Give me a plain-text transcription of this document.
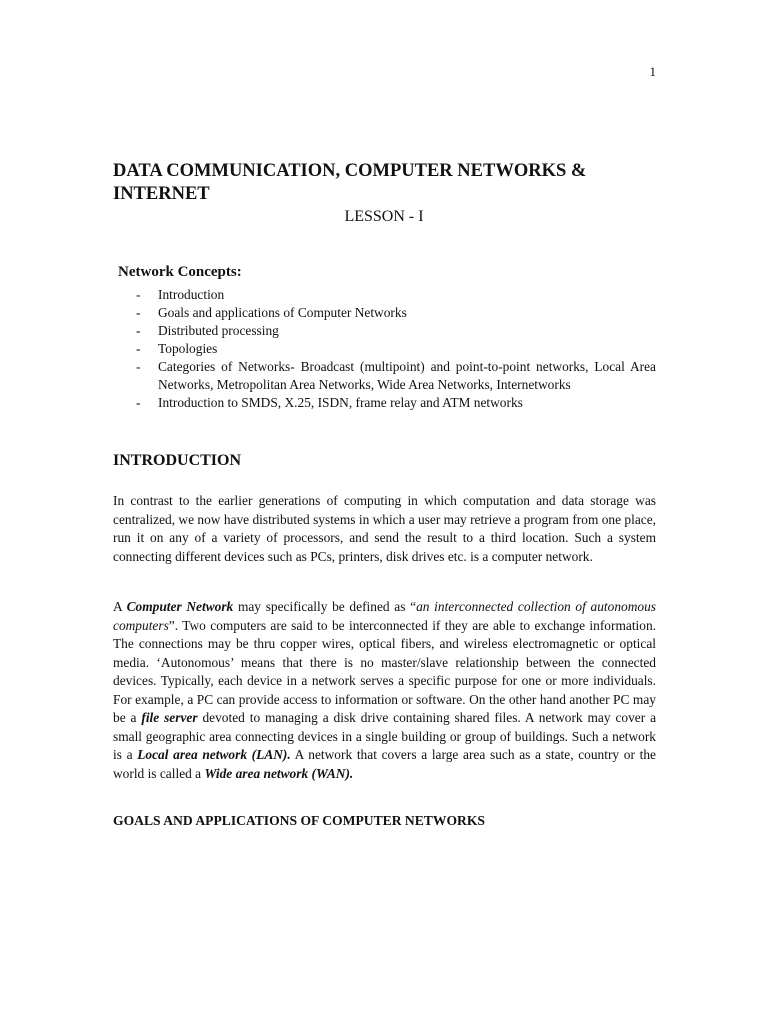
1
DATA COMMUNICATION, COMPUTER NETWORKS & INTERNET
LESSON - I
Network Concepts:
- Introduction
- Goals and applications of Computer Networks
- Distributed processing
- Topologies
- Categories of Networks- Broadcast (multipoint) and point-to-point networks, Local Area Networks, Metropolitan Area Networks, Wide Area Networks, Internetworks
- Introduction to SMDS, X.25, ISDN, frame relay and ATM networks
INTRODUCTION

In contrast to the earlier generations of computing in which computation and data storage was centralized, we now have distributed systems in which a user may retrieve a program from one place, run it on any of a variety of processors, and send the result to a third location. Such a system connecting different devices such as PCs, printers, disk drives etc. is a computer network.

A Computer Network may specifically be defined as “an interconnected collection of autonomous computers”. Two computers are said to be interconnected if they are able to exchange information. The connections may be thru copper wires, optical fibers, and wireless electromagnetic or optical media. ‘Autonomous’ means that there is no master/slave relationship between the connected devices. Typically, each device in a network serves a specific purpose for one or more individuals. For example, a PC can provide access to information or software. On the other hand another PC may be a file server devoted to managing a disk drive containing shared files. A network may cover a small geographic area connecting devices in a single building or group of buildings. Such a network is a Local area network (LAN). A network that covers a large area such as a state, country or the world is called a Wide area network (WAN).

GOALS AND APPLICATIONS OF COMPUTER NETWORKS
